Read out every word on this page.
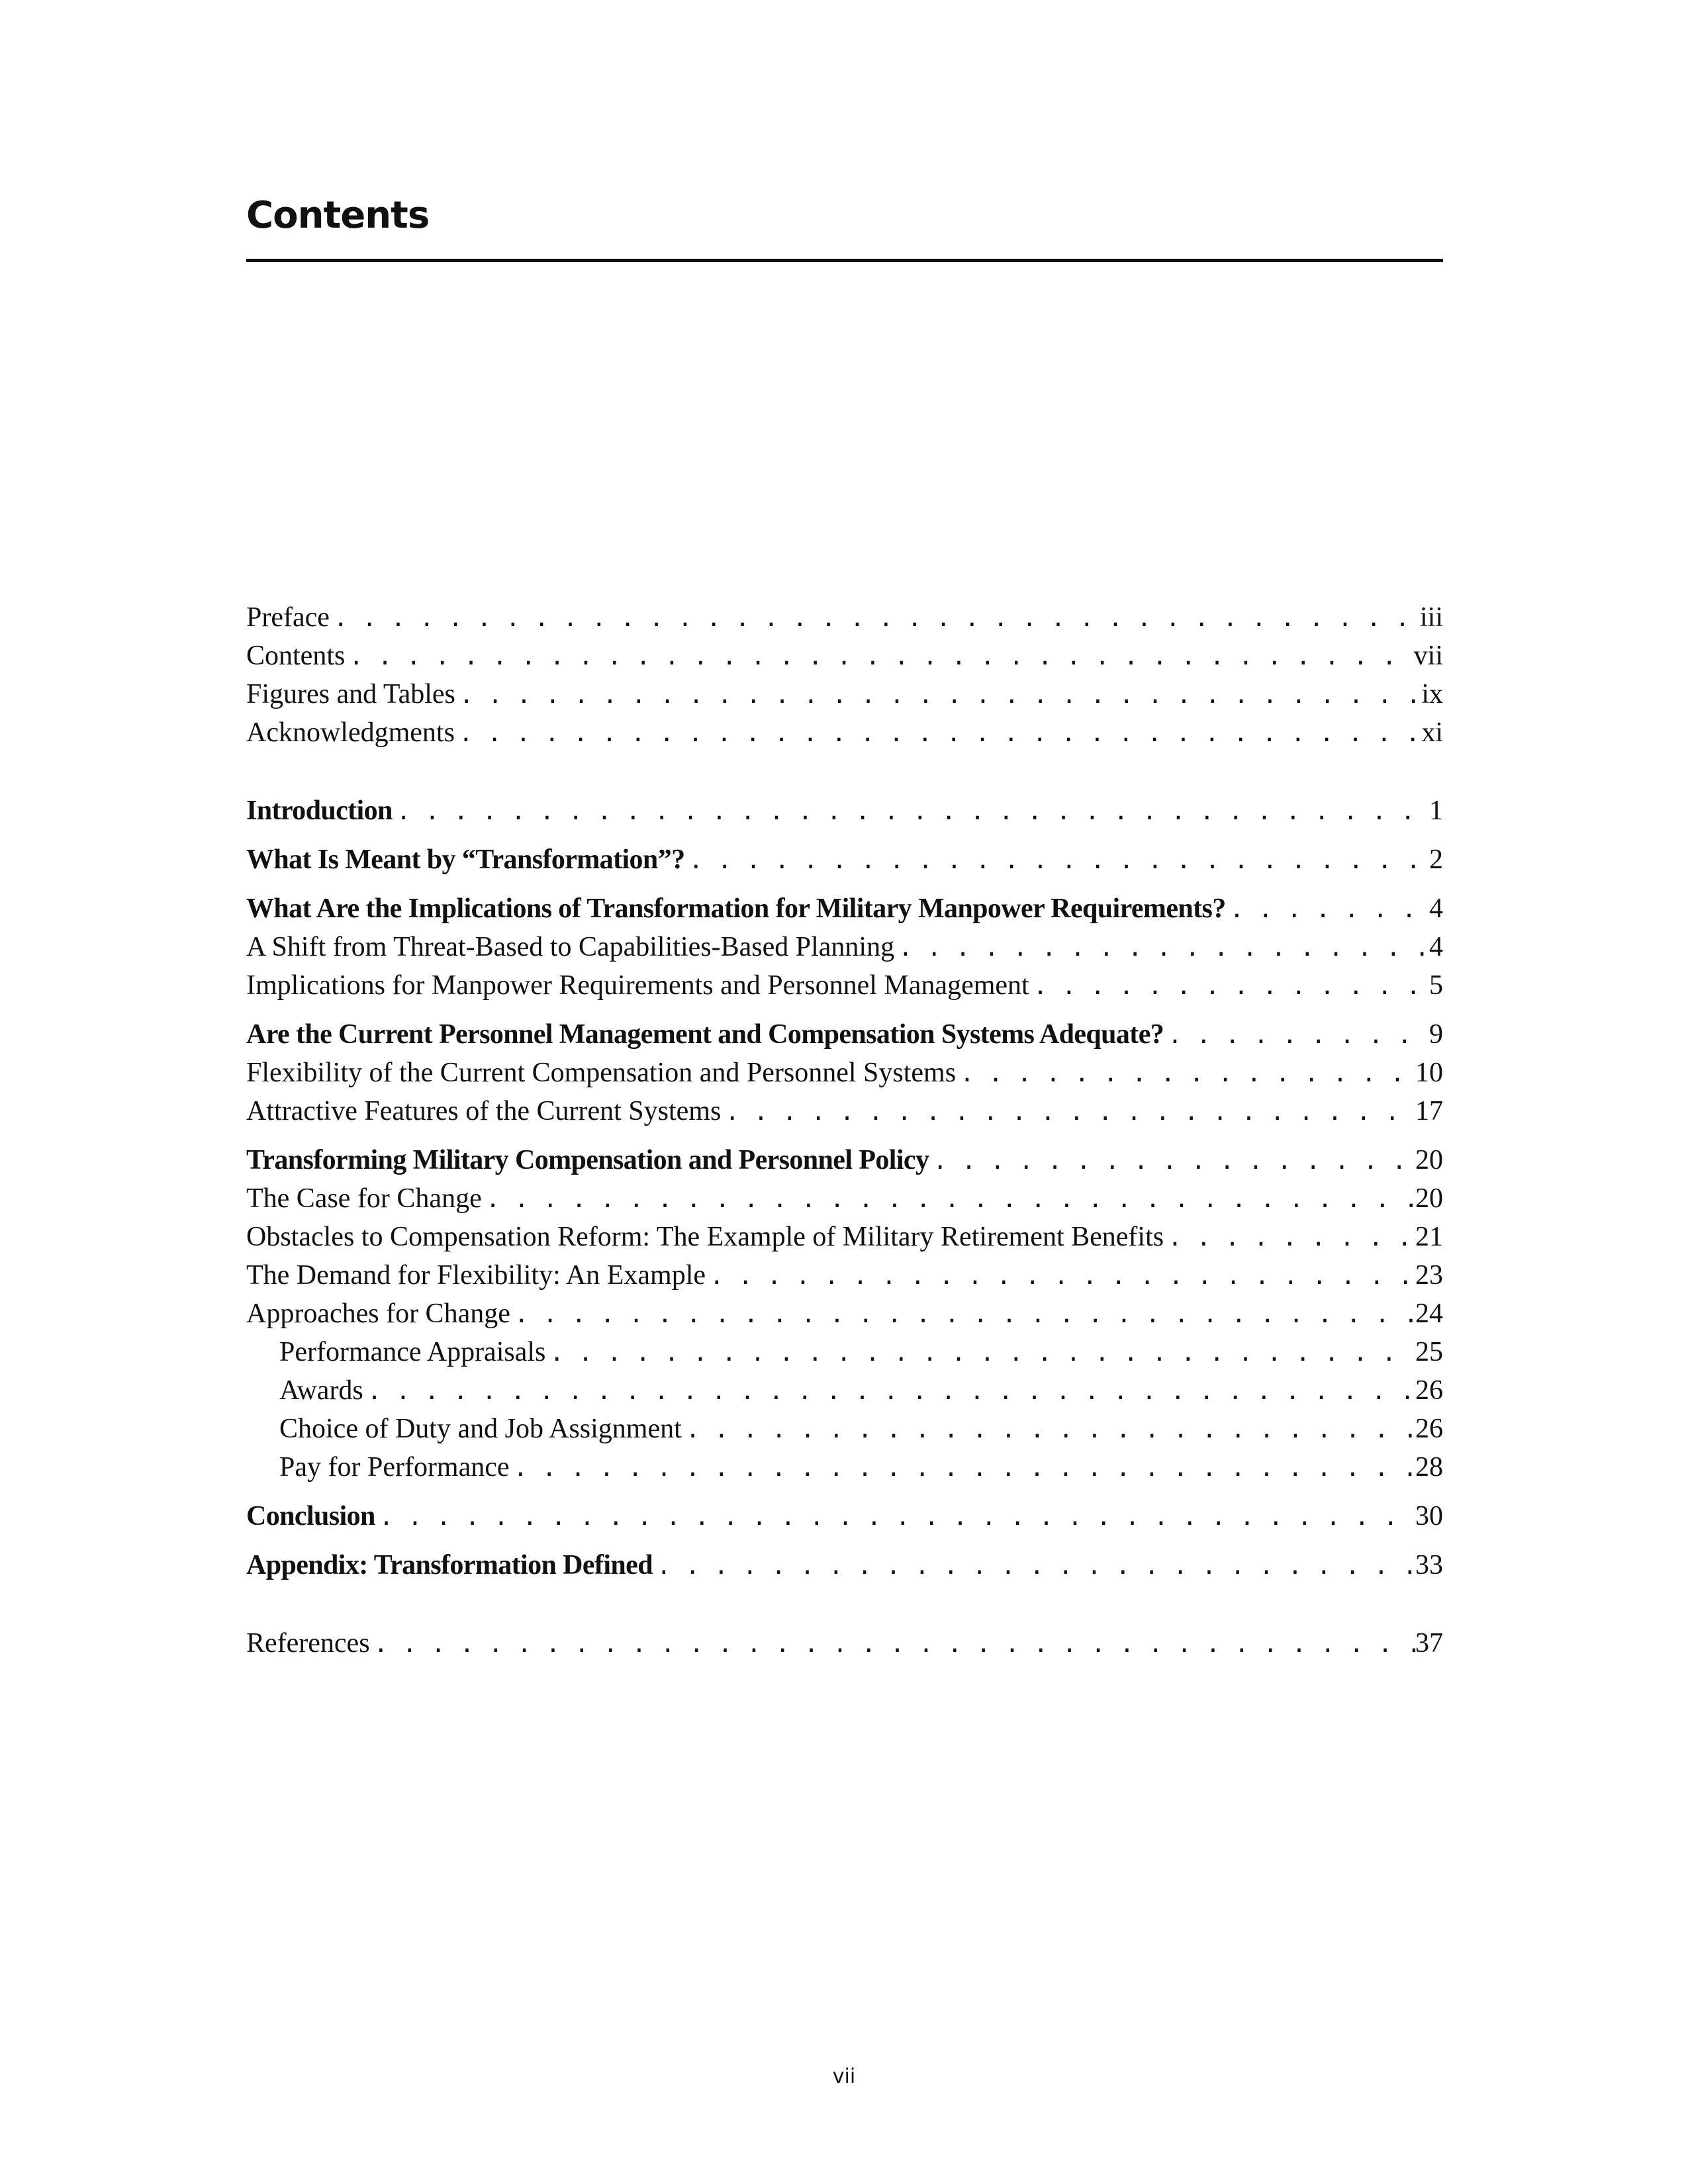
Contents
Preface . . .	iii
Contents . . .	vii
Figures and Tables . . .	ix
Acknowledgments . . .	xi
Introduction . . .	1
What Is Meant by “Transformation”? . . .	2
What Are the Implications of Transformation for Military Manpower Requirements? . . .	4
A Shift from Threat-Based to Capabilities-Based Planning . . .	4
Implications for Manpower Requirements and Personnel Management . . .	5
Are the Current Personnel Management and Compensation Systems Adequate? . . .	9
Flexibility of the Current Compensation and Personnel Systems . . .	10
Attractive Features of the Current Systems . . .	17
Transforming Military Compensation and Personnel Policy . . .	20
The Case for Change . . .	20
Obstacles to Compensation Reform: The Example of Military Retirement Benefits . . .	21
The Demand for Flexibility: An Example . . .	23
Approaches for Change . . .	24
Performance Appraisals . . .	25
Awards . . .	26
Choice of Duty and Job Assignment . . .	26
Pay for Performance . . .	28
Conclusion . . .	30
Appendix: Transformation Defined . . .	33
References . . .	37
vii
